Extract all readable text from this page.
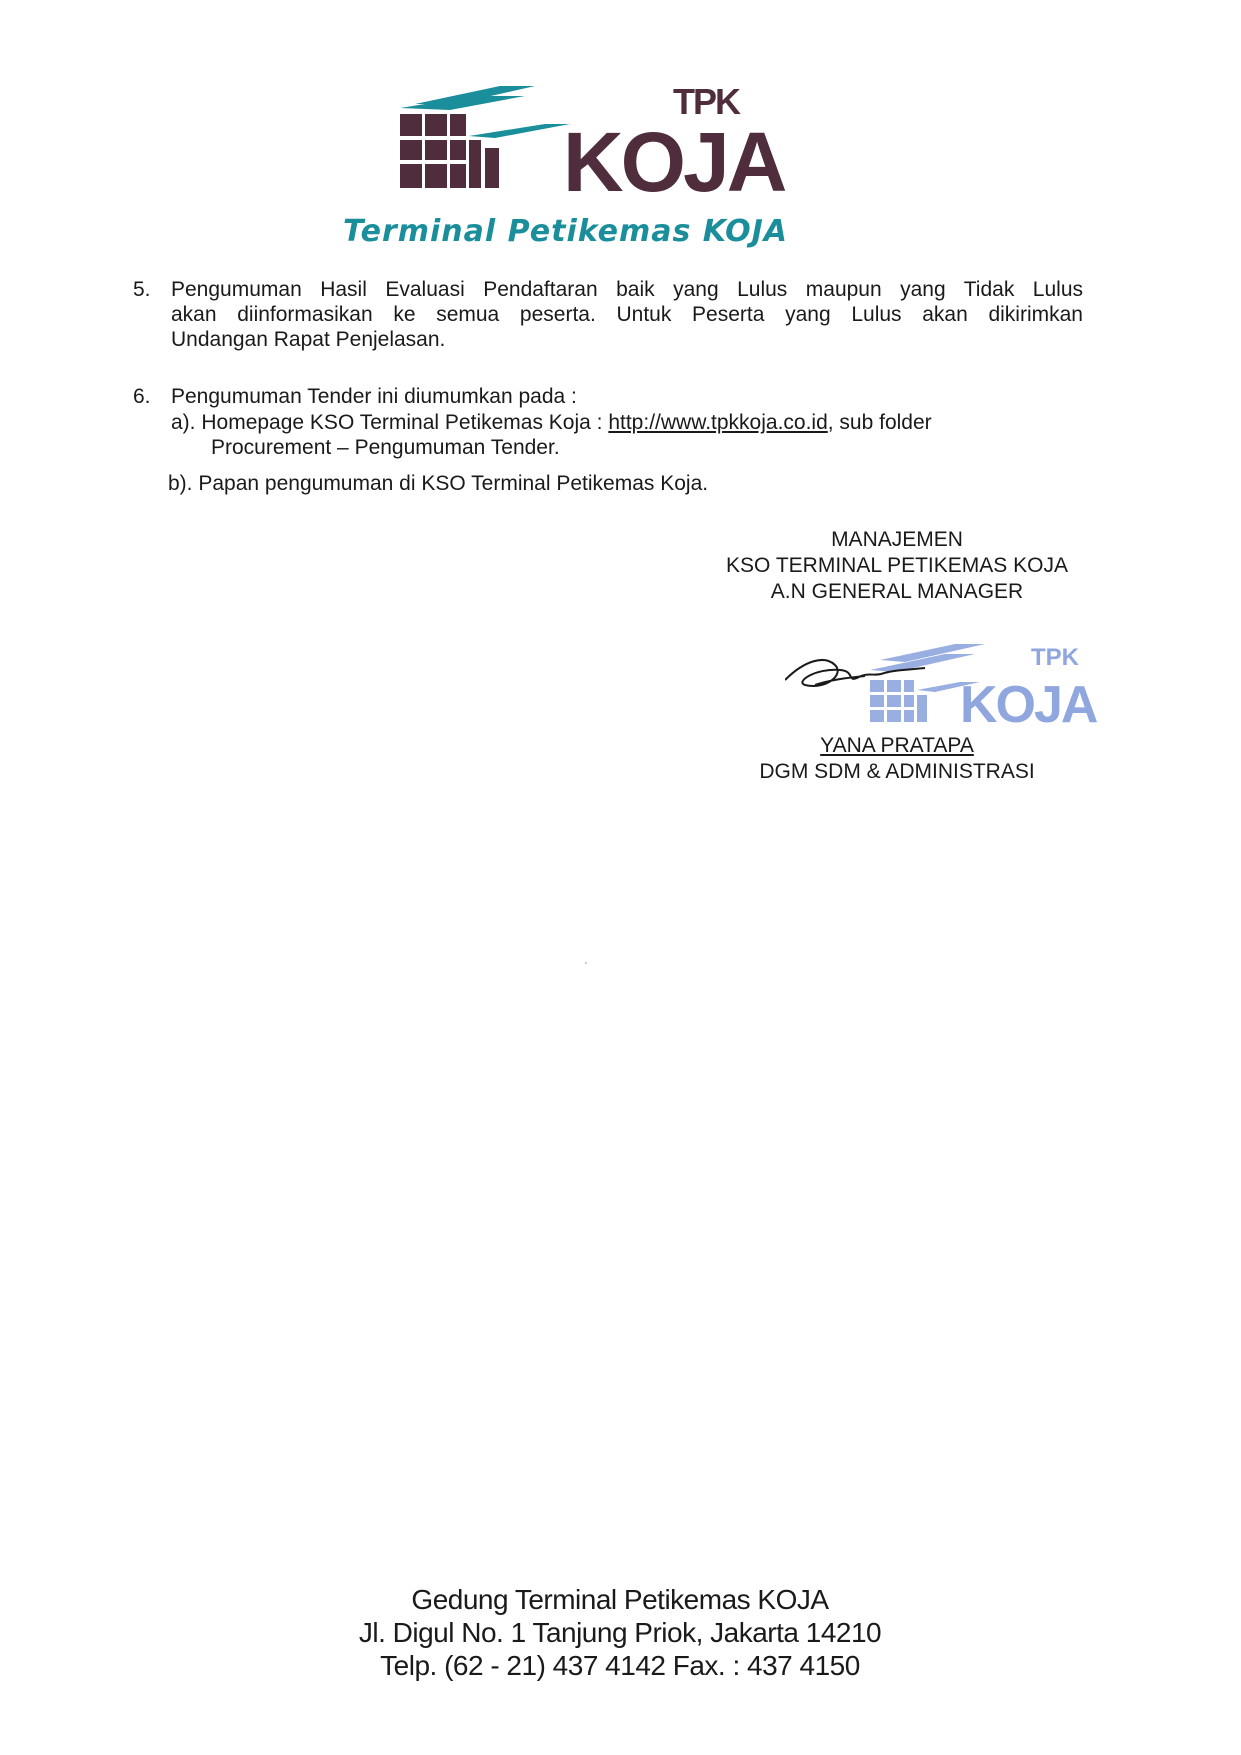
TPK
KOJA
Terminal Petikemas KOJA
5. Pengumuman Hasil Evaluasi Pendaftaran baik yang Lulus maupun yang Tidak Lulus
akan diinformasikan ke semua peserta. Untuk Peserta yang Lulus akan dikirimkan
Undangan Rapat Penjelasan.
6. Pengumuman Tender ini diumumkan pada :
a). Homepage KSO Terminal Petikemas Koja : http://www.tpkkoja.co.id, sub folder
Procurement – Pengumuman Tender.
b). Papan pengumuman di KSO Terminal Petikemas Koja.
MANAJEMEN
KSO TERMINAL PETIKEMAS KOJA
A.N GENERAL MANAGER
TPK
KOJA
YANA PRATAPA
DGM SDM & ADMINISTRASI
Gedung Terminal Petikemas KOJA
Jl. Digul No. 1 Tanjung Priok, Jakarta 14210
Telp. (62 - 21) 437 4142 Fax. : 437 4150
